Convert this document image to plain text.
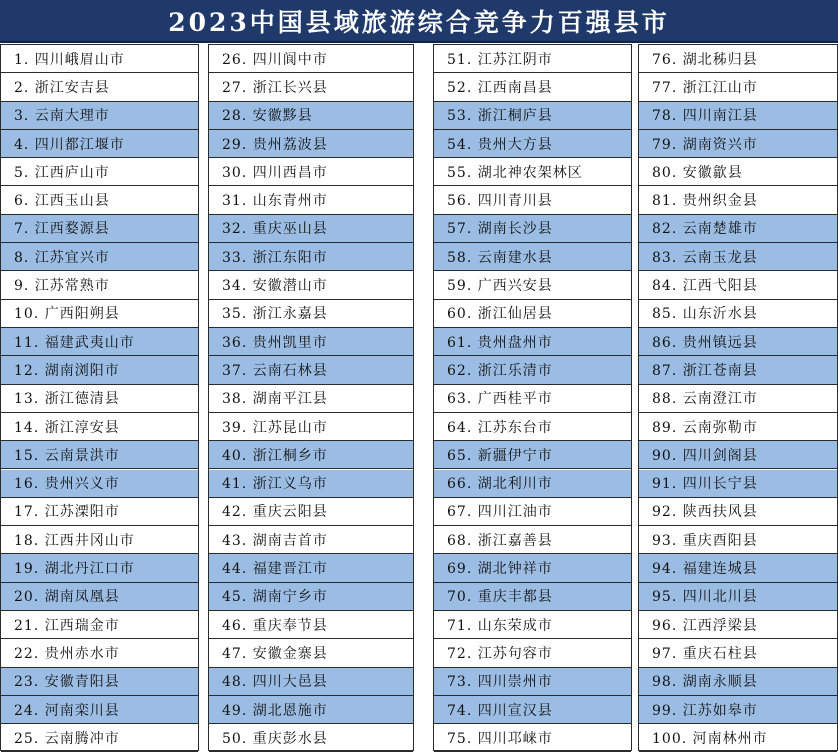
2023中国县域旅游综合竞争力百强县市
1. 四川峨眉山市
2. 浙江安吉县
3. 云南大理市
4. 四川都江堰市
5. 江西庐山市
6. 江西玉山县
7. 江西婺源县
8. 江苏宜兴市
9. 江苏常熟市
10. 广西阳朔县
11. 福建武夷山市
12. 湖南浏阳市
13. 浙江德清县
14. 浙江淳安县
15. 云南景洪市
16. 贵州兴义市
17. 江苏溧阳市
18. 江西井冈山市
19. 湖北丹江口市
20. 湖南凤凰县
21. 江西瑞金市
22. 贵州赤水市
23. 安徽青阳县
24. 河南栾川县
25. 云南腾冲市
26. 四川阆中市
27. 浙江长兴县
28. 安徽黟县
29. 贵州荔波县
30. 四川西昌市
31. 山东青州市
32. 重庆巫山县
33. 浙江东阳市
34. 安徽潜山市
35. 浙江永嘉县
36. 贵州凯里市
37. 云南石林县
38. 湖南平江县
39. 江苏昆山市
40. 浙江桐乡市
41. 浙江义乌市
42. 重庆云阳县
43. 湖南吉首市
44. 福建晋江市
45. 湖南宁乡市
46. 重庆奉节县
47. 安徽金寨县
48. 四川大邑县
49. 湖北恩施市
50. 重庆彭水县
51. 江苏江阴市
52. 江西南昌县
53. 浙江桐庐县
54. 贵州大方县
55. 湖北神农架林区
56. 四川青川县
57. 湖南长沙县
58. 云南建水县
59. 广西兴安县
60. 浙江仙居县
61. 贵州盘州市
62. 浙江乐清市
63. 广西桂平市
64. 江苏东台市
65. 新疆伊宁市
66. 湖北利川市
67. 四川江油市
68. 浙江嘉善县
69. 湖北钟祥市
70. 重庆丰都县
71. 山东荣成市
72. 江苏句容市
73. 四川崇州市
74. 四川宣汉县
75. 四川邛崃市
76. 湖北秭归县
77. 浙江江山市
78. 四川南江县
79. 湖南资兴市
80. 安徽歙县
81. 贵州织金县
82. 云南楚雄市
83. 云南玉龙县
84. 江西弋阳县
85. 山东沂水县
86. 贵州镇远县
87. 浙江苍南县
88. 云南澄江市
89. 云南弥勒市
90. 四川剑阁县
91. 四川长宁县
92. 陕西扶风县
93. 重庆酉阳县
94. 福建连城县
95. 四川北川县
96. 江西浮梁县
97. 重庆石柱县
98. 湖南永顺县
99. 江苏如皋市
100. 河南林州市
